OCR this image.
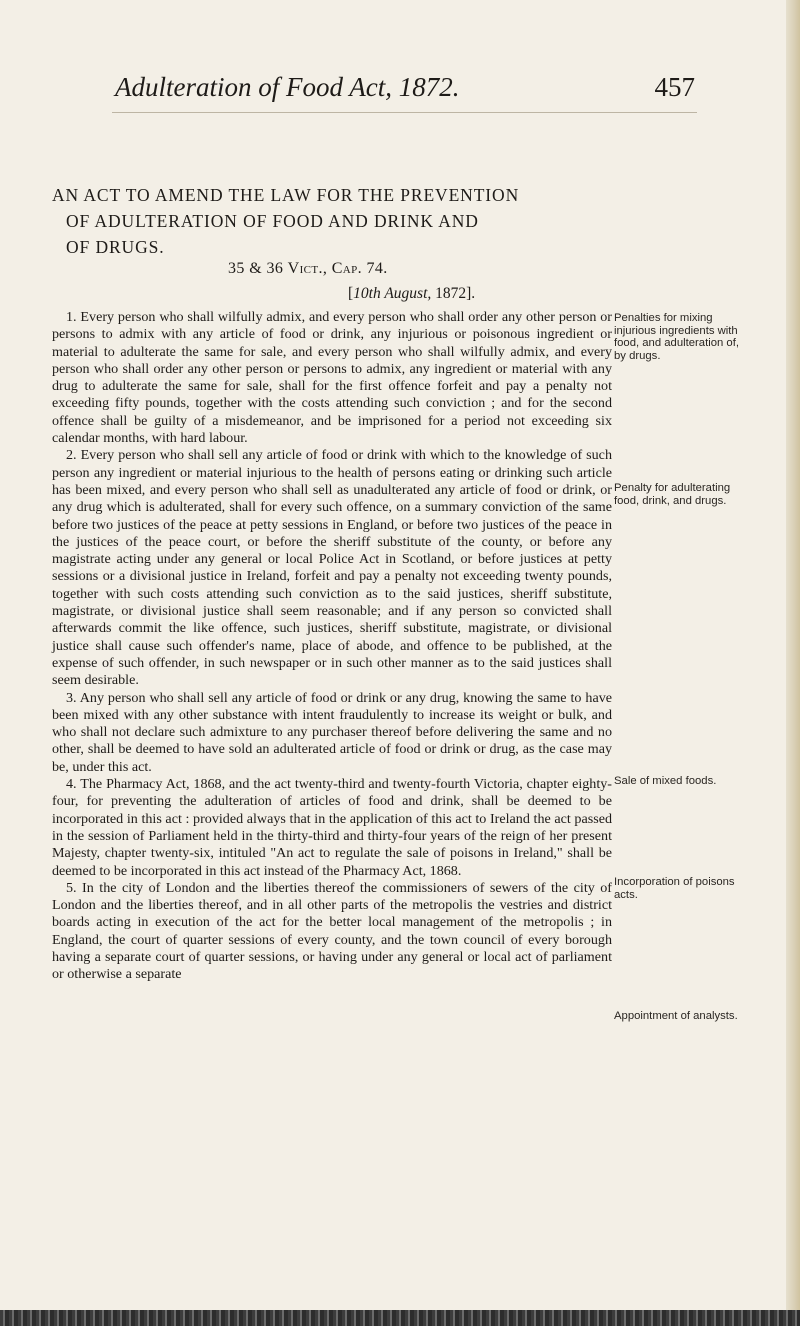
Adulteration of Food Act, 1872.	457
AN ACT TO AMEND THE LAW FOR THE PREVENTION
OF ADULTERATION OF FOOD AND DRINK AND
OF DRUGS.
35 & 36 Vict., Cap. 74.
[10th August, 1872].

1. Every person who shall wilfully admix, and every person who shall order any other person or persons to admix with any article of food or drink, any injurious or poisonous ingredient or material to adulterate the same for sale, and every person who shall wilfully admix, and every person who shall order any other person or persons to admix, any ingredient or material with any drug to adulterate the same for sale, shall for the first offence forfeit and pay a penalty not exceeding fifty pounds, together with the costs attending such conviction ; and for the second offence shall be guilty of a misdemeanor, and be imprisoned for a period not exceeding six calendar months, with hard labour.

2. Every person who shall sell any article of food or drink with which to the knowledge of such person any ingredient or material injurious to the health of persons eating or drinking such article has been mixed, and every person who shall sell as unadulterated any article of food or drink, or any drug which is adulterated, shall for every such offence, on a summary conviction of the same before two justices of the peace at petty sessions in England, or before two justices of the peace in the justices of the peace court, or before the sheriff substitute of the county, or before any magistrate acting under any general or local Police Act in Scotland, or before justices at petty sessions or a divisional justice in Ireland, forfeit and pay a penalty not exceeding twenty pounds, together with such costs attending such conviction as to the said justices, sheriff substitute, magistrate, or divisional justice shall seem reasonable; and if any person so convicted shall afterwards commit the like offence, such justices, sheriff substitute, magistrate, or divisional justice shall cause such offender's name, place of abode, and offence to be published, at the expense of such offender, in such newspaper or in such other manner as to the said justices shall seem desirable.

3. Any person who shall sell any article of food or drink or any drug, knowing the same to have been mixed with any other substance with intent fraudulently to increase its weight or bulk, and who shall not declare such admixture to any purchaser thereof before delivering the same and no other, shall be deemed to have sold an adulterated article of food or drink or drug, as the case may be, under this act.

4. The Pharmacy Act, 1868, and the act twenty-third and twenty-fourth Victoria, chapter eighty-four, for preventing the adulteration of articles of food and drink, shall be deemed to be incorporated in this act : provided always that in the application of this act to Ireland the act passed in the session of Parliament held in the thirty-third and thirty-four years of the reign of her present Majesty, chapter twenty-six, intituled "An act to regulate the sale of poisons in Ireland," shall be deemed to be incorporated in this act instead of the Pharmacy Act, 1868.

5. In the city of London and the liberties thereof the commissioners of sewers of the city of London and the liberties thereof, and in all other parts of the metropolis the vestries and district boards acting in execution of the act for the better local management of the metropolis ; in England, the court of quarter sessions of every county, and the town council of every borough having a separate court of quarter sessions, or having under any general or local act of parliament or otherwise a separate

Penalties for mixing injurious ingredients with food, and adulteration of, by drugs.
Penalty for adulterating food, drink, and drugs.
Sale of mixed foods.
Incorporation of poisons acts.
Appointment of analysts.
